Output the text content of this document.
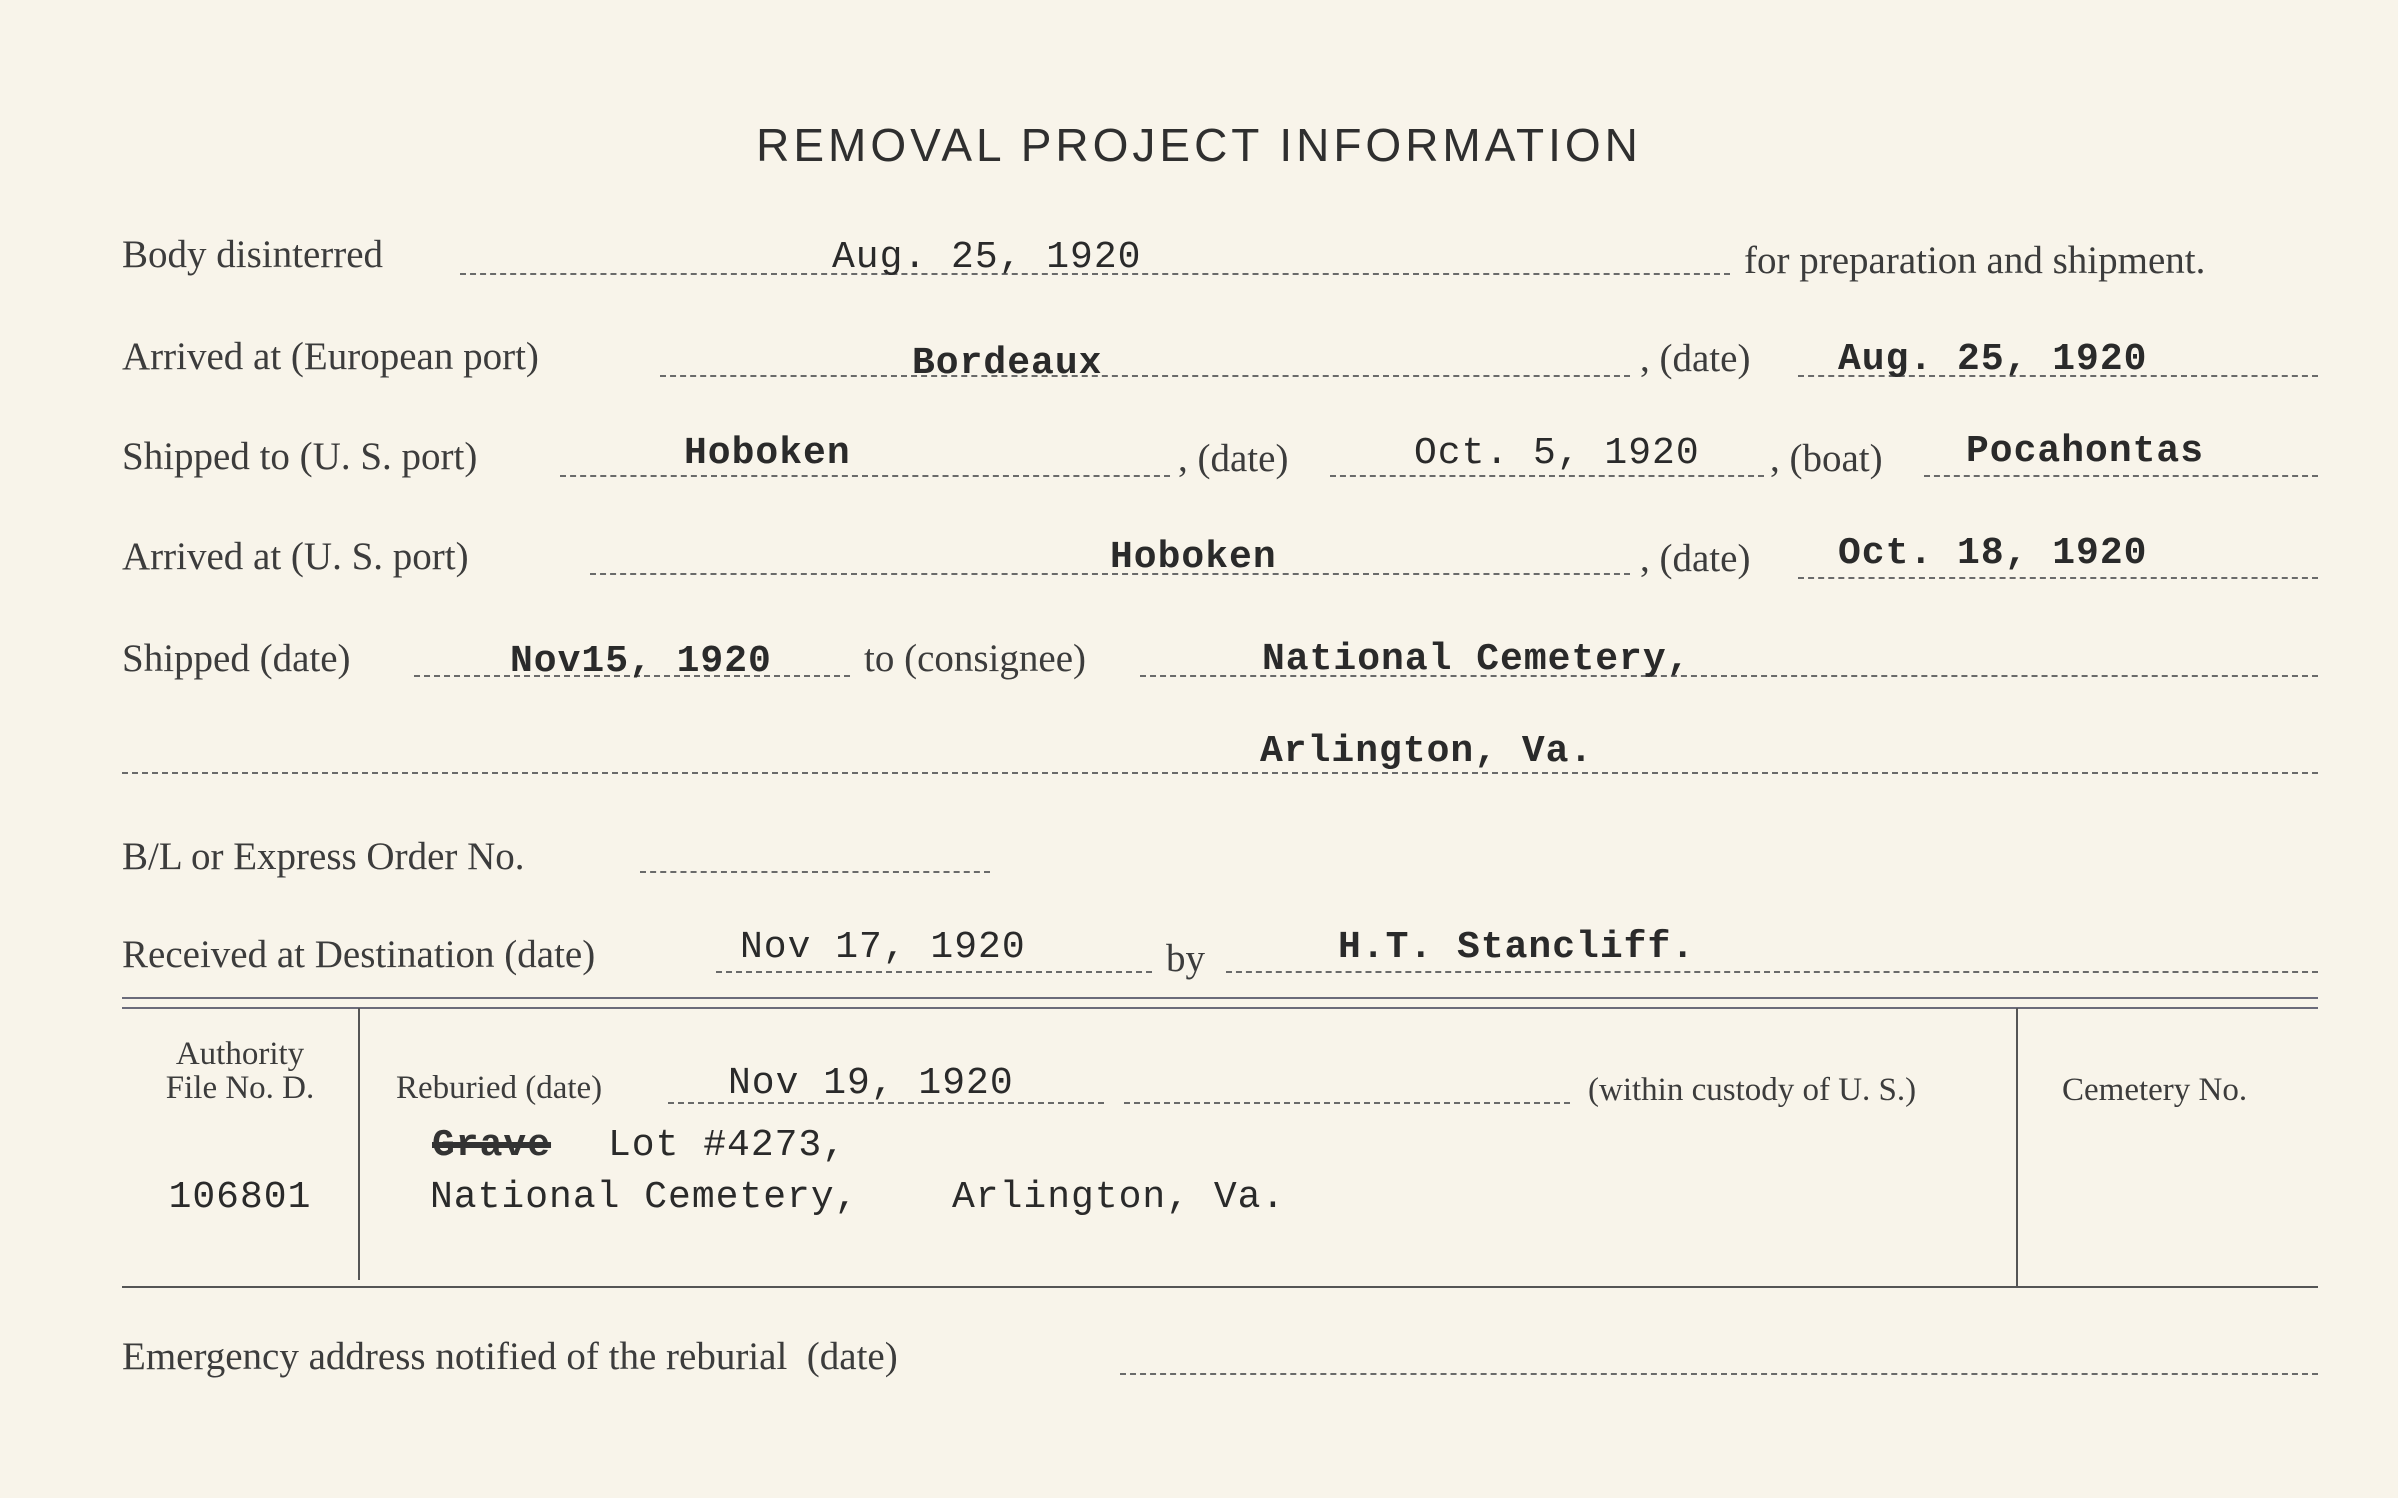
REMOVAL PROJECT INFORMATION
Body disinterred	Aug. 25, 1920	for preparation and shipment.
Arrived at (European port)	Bordeaux	, (date) Aug. 25, 1920
Shipped to (U. S. port)	Hoboken	, (date)	Oct. 5, 1920 , (boat) Pocahontas
Arrived at (U. S. port)	Hoboken	, (date) Oct. 18, 1920
Shipped (date)	Nov15, 1920 to (consignee)	National Cemetery,
Arlington, Va.
B/L or Express Order No.
Received at Destination (date)	Nov 17, 1920	by	H.T. Stancliff.
Authority
File No. D.
106801
Reburied (date)	Nov 19, 1920	(within custody of U. S.)
Grave Lot #4273,
National Cemetery, Arlington, Va.
Cemetery No.
Emergency address notified of the reburial  (date)
